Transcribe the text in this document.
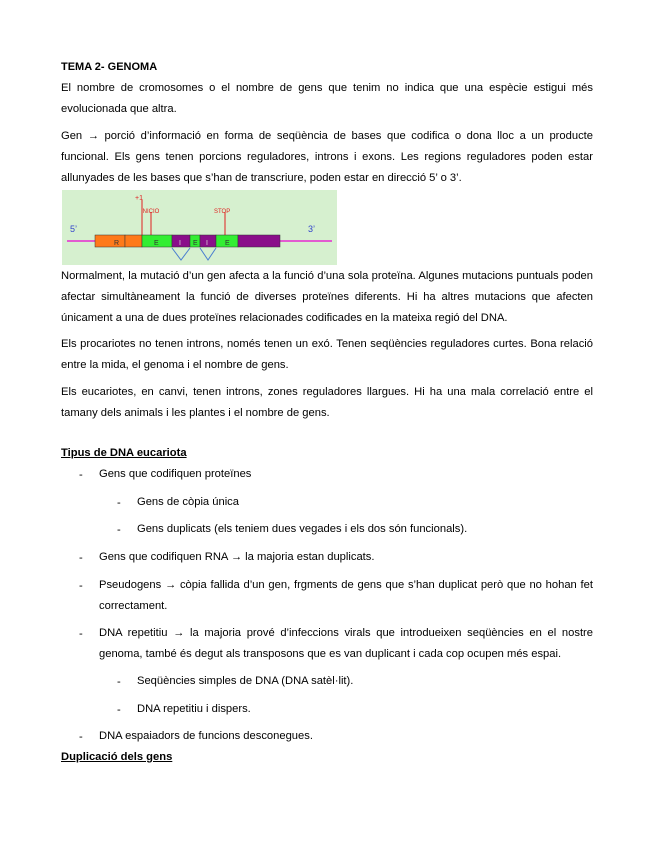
TEMA 2- GENOMA

El nombre de cromosomes o el nombre de gens que tenim no indica que una espècie estigui més evolucionada que altra.

Gen → porció d’informació en forma de seqüència de bases que codifica o dona lloc a un producte funcional. Els gens tenen porcions reguladores, introns i exons. Les regions reguladores poden estar allunyades de les bases que s’han de transcriure, poden estar en direcció 5’ o 3’.

5’	3’
+1
INICIO	STOP
R	E	I E I E

Normalment, la mutació d’un gen afecta a la funció d’una sola proteïna. Algunes mutacions puntuals poden afectar simultàneament la funció de diverses proteïnes diferents. Hi ha altres mutacions que afecten únicament a una de dues proteïnes relacionades codificades en la mateixa regió del DNA.

Els procariotes no tenen introns, només tenen un exó. Tenen seqüències reguladores curtes. Bona relació entre la mida, el genoma i el nombre de gens.

Els eucariotes, en canvi, tenen introns, zones reguladores llargues. Hi ha una mala correlació entre el tamany dels animals i les plantes i el nombre de gens.

Tipus de DNA eucariota
- Gens que codifiquen proteïnes
- Gens de còpia única
- Gens duplicats (els teniem dues vegades i els dos són funcionals).
- Gens que codifiquen RNA → la majoria estan duplicats.
- Pseudogens → còpia fallida d’un gen, frgments de gens que s’han duplicat però que no hohan fet correctament.
- DNA repetitiu → la majoria prové d’infeccions virals que introdueixen seqüències en el nostre genoma, també és degut als transposons que es van duplicant i cada cop ocupen més espai.
- Seqüències simples de DNA (DNA satèl·lit).
- DNA repetitiu i dispers.
- DNA espaiadors de funcions desconegues.
Duplicació dels gens
